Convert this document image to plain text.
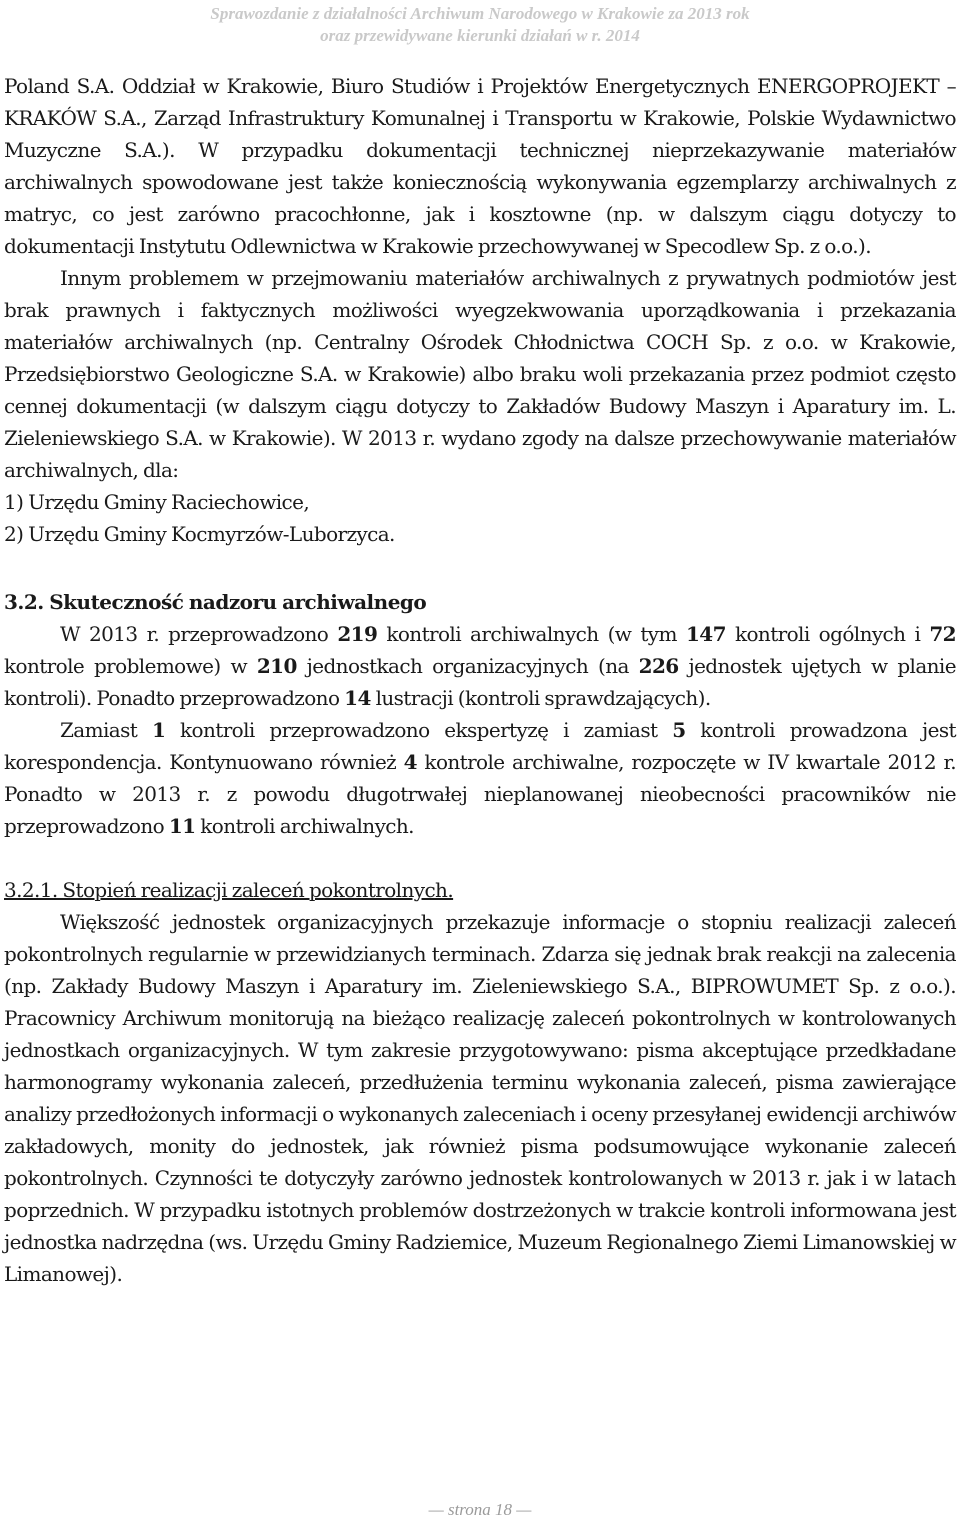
Sprawozdanie z działalności Archiwum Narodowego w Krakowie za 2013 rok
oraz przewidywane kierunki działań w r. 2014

Poland S.A. Oddział w Krakowie, Biuro Studiów i Projektów Energetycznych ENERGOPROJEKT – KRAKÓW S.A., Zarząd Infrastruktury Komunalnej i Transportu w Krakowie, Polskie Wydawnictwo Muzyczne S.A.). W przypadku dokumentacji technicznej nieprzekazywanie materiałów archiwalnych spowodowane jest także koniecznością wykonywania egzemplarzy archiwalnych z matryc, co jest zarówno pracochłonne, jak i kosztowne (np. w dalszym ciągu dotyczy to dokumentacji Instytutu Odlewnictwa w Krakowie przechowywanej w Specodlew Sp. z o.o.).

Innym problemem w przejmowaniu materiałów archiwalnych z prywatnych podmiotów jest brak prawnych i faktycznych możliwości wyegzekwowania uporządkowania i przekazania materiałów archiwalnych (np. Centralny Ośrodek Chłodnictwa COCH Sp. z o.o. w Krakowie, Przedsiębiorstwo Geologiczne S.A. w Krakowie) albo braku woli przekazania przez podmiot często cennej dokumentacji (w dalszym ciągu dotyczy to Zakładów Budowy Maszyn i Aparatury im. L. Zieleniewskiego S.A. w Krakowie). W 2013 r. wydano zgody na dalsze przechowywanie materiałów archiwalnych, dla:

1) Urzędu Gminy Raciechowice,

2) Urzędu Gminy Kocmyrzów-Luborzyca.

3.2. Skuteczność nadzoru archiwalnego

W 2013 r. przeprowadzono 219 kontroli archiwalnych (w tym 147 kontroli ogólnych i 72 kontrole problemowe) w 210 jednostkach organizacyjnych (na 226 jednostek ujętych w planie kontroli). Ponadto przeprowadzono 14 lustracji (kontroli sprawdzających).

Zamiast 1 kontroli przeprowadzono ekspertyzę i zamiast 5 kontroli prowadzona jest korespondencja. Kontynuowano również 4 kontrole archiwalne, rozpoczęte w IV kwartale 2012 r. Ponadto w 2013 r. z powodu długotrwałej nieplanowanej nieobecności pracowników nie przeprowadzono 11 kontroli archiwalnych.

3.2.1. Stopień realizacji zaleceń pokontrolnych.

Większość jednostek organizacyjnych przekazuje informacje o stopniu realizacji zaleceń pokontrolnych regularnie w przewidzianych terminach. Zdarza się jednak brak reakcji na zalecenia (np. Zakłady Budowy Maszyn i Aparatury im. Zieleniewskiego S.A., BIPROWUMET Sp. z o.o.). Pracownicy Archiwum monitorują na bieżąco realizację zaleceń pokontrolnych w kontrolowanych jednostkach organizacyjnych. W tym zakresie przygotowywano: pisma akceptujące przedkładane harmonogramy wykonania zaleceń, przedłużenia terminu wykonania zaleceń, pisma zawierające analizy przedłożonych informacji o wykonanych zaleceniach i oceny przesyłanej ewidencji archiwów zakładowych, monity do jednostek, jak również pisma podsumowujące wykonanie zaleceń pokontrolnych. Czynności te dotyczyły zarówno jednostek kontrolowanych w 2013 r. jak i w latach poprzednich. W przypadku istotnych problemów dostrzeżonych w trakcie kontroli informowana jest jednostka nadrzędna (ws. Urzędu Gminy Radziemice, Muzeum Regionalnego Ziemi Limanowskiej w Limanowej).

— strona 18 —
